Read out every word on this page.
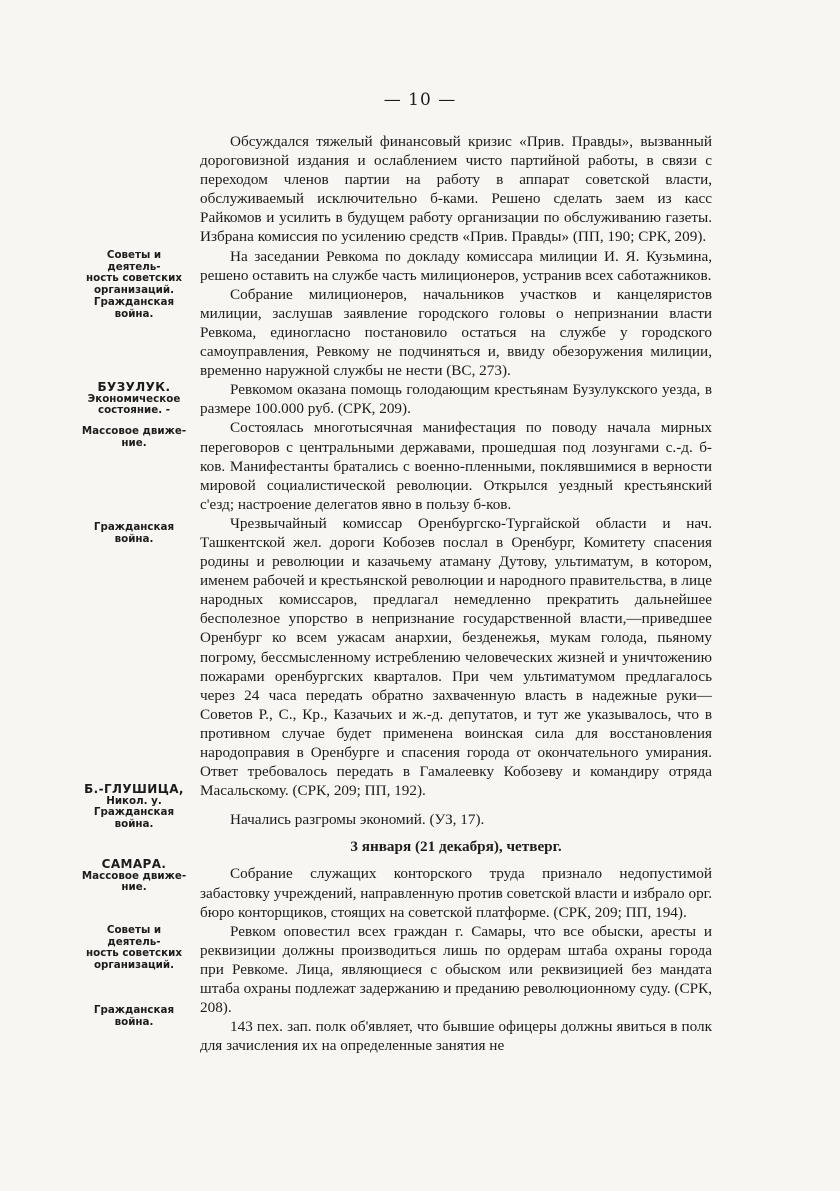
— 10 —

Обсуждался тяжелый финансовый кризис «Прив. Правды», вызванный дороговизной издания и ослаблением чисто партийной работы, в связи с переходом членов партии на работу в аппарат советской власти, обслуживаемый исключительно б-ками. Решено сделать заем из касс Райкомов и усилить в будущем работу организации по обслуживанию газеты. Избрана комиссия по усилению средств «Прив. Правды» (ПП, 190; СРК, 209).

На заседании Ревкома по докладу комиссара милиции И. Я. Кузьмина, решено оставить на службе часть милиционеров, устранив всех саботажников.

Собрание милиционеров, начальников участков и канцеляристов милиции, заслушав заявление городского головы о непризнании власти Ревкома, единогласно постановило остаться на службе у городского самоуправления, Ревкому не подчиняться и, ввиду обезоружения милиции, временно наружной службы не нести (ВС, 273).

Ревкомом оказана помощь голодающим крестьянам Бузулукского уезда, в размере 100.000 руб. (СРК, 209).

Состоялась многотысячная манифестация по поводу начала мирных переговоров с центральными державами, прошедшая под лозунгами с.-д. б-ков. Манифестанты братались с военно-пленными, поклявшимися в верности мировой социалистической революции. Открылся уездный крестьянский с'езд; настроение делегатов явно в пользу б-ков.

Чрезвычайный комиссар Оренбургско-Тургайской области и нач. Ташкентской жел. дороги Кобозев послал в Оренбург, Комитету спасения родины и революции и казачьему атаману Дутову, ультиматум, в котором, именем рабочей и крестьянской революции и народного правительства, в лице народных комиссаров, предлагал немедленно прекратить дальнейшее бесполезное упорство в непризнание государственной власти,—приведшее Оренбург ко всем ужасам анархии, безденежья, мукам голода, пьяному погрому, бессмысленному истреблению человеческих жизней и уничтожению пожарами оренбургских кварталов. При чем ультиматумом предлагалось через 24 часа передать обратно захваченную власть в надежные руки—Советов Р., С., Кр., Казачьих и ж.-д. депутатов, и тут же указывалось, что в противном случае будет применена воинская сила для восстановления народоправия в Оренбурге и спасения города от окончательного умирания. Ответ требовалось передать в Гамалеевку Кобозеву и командиру отряда Масальскому. (СРК, 209; ПП, 192).

Начались разгромы экономий. (УЗ, 17).

3 января (21 декабря), четверг.

Собрание служащих конторского труда признало недопустимой забастовку учреждений, направленную против советской власти и избрало орг. бюро конторщиков, стоящих на советской платформе. (СРК, 209; ПП, 194).

Ревком оповестил всех граждан г. Самары, что все обыски, аресты и реквизиции должны производиться лишь по ордерам штаба охраны города при Ревкоме. Лица, являющиеся с обыском или реквизицией без мандата штаба охраны подлежат задержанию и преданию революционному суду. (СРК, 208).

143 пех. зап. полк об'являет, что бывшие офицеры должны явиться в полк для зачисления их на определенные занятия не

Советы и деятель-
ность советских
организаций.
Гражданская
война.
БУЗУЛУК.
Экономическое
состояние. -
Массовое движе-
ние.
Гражданская
война.
Б.-ГЛУШИЦА,
Никол. у.
Гражданская
война.
САМАРА.
Массовое движе-
ние.
Советы и деятель-
ность советских
организаций.
Гражданская
война.
